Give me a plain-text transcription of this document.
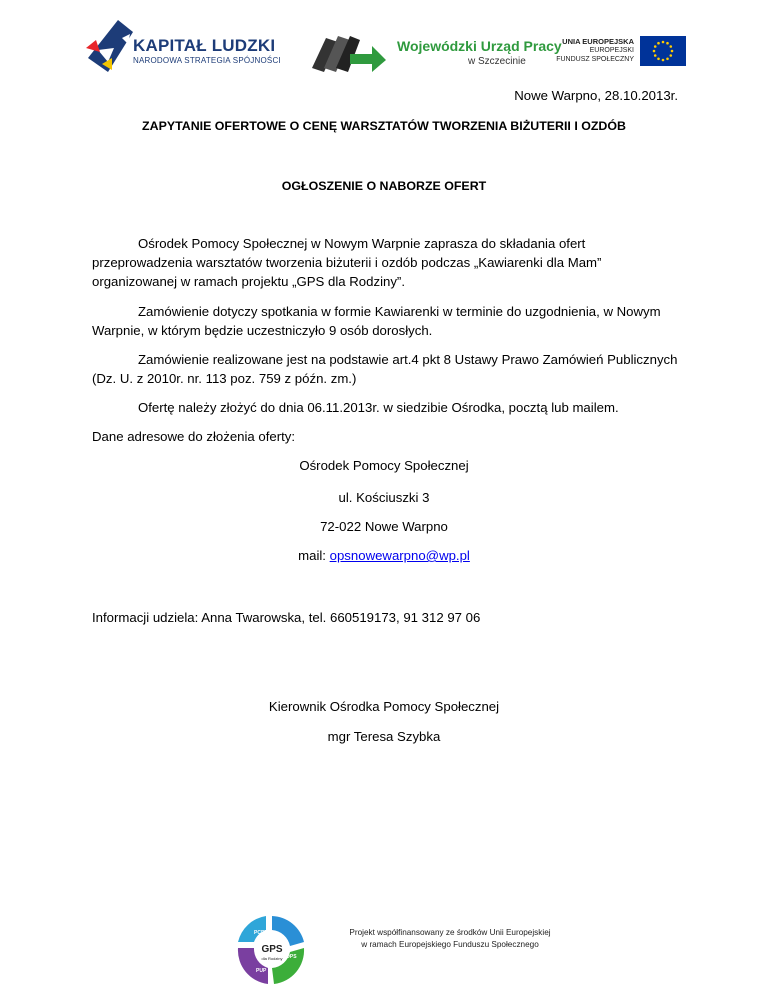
KAPITAŁ LUDZKI
NARODOWA STRATEGIA SPÓJNOŚCI
Wojewódzki Urząd Pracy
w Szczecinie
UNIA EUROPEJSKA
EUROPEJSKI
FUNDUSZ SPOŁECZNY
Nowe Warpno, 28.10.2013r.
ZAPYTANIE OFERTOWE O CENĘ WARSZTATÓW TWORZENIA BIŻUTERII I OZDÓB
OGŁOSZENIE O NABORZE OFERT
Ośrodek Pomocy Społecznej w Nowym Warpnie zaprasza do składania ofert przeprowadzenia warsztatów tworzenia biżuterii i ozdób podczas „Kawiarenki dla Mam” organizowanej w ramach projektu „GPS dla Rodziny”.
Zamówienie dotyczy spotkania w formie Kawiarenki w terminie do uzgodnienia, w Nowym Warpnie, w którym będzie uczestniczyło 9 osób dorosłych.
Zamówienie realizowane jest na podstawie art.4 pkt 8 Ustawy Prawo Zamówień Publicznych (Dz. U. z 2010r. nr. 113 poz. 759 z późn. zm.)
Ofertę należy złożyć do dnia 06.11.2013r. w siedzibie Ośrodka, pocztą lub mailem.
Dane adresowe do złożenia oferty:
Ośrodek Pomocy Społecznej
ul. Kościuszki 3
72-022 Nowe Warpno
mail: opsnowewarpno@wp.pl
Informacji udziela: Anna Twarowska, tel. 660519173, 91 312 97 06
Kierownik Ośrodka Pomocy Społecznej
mgr Teresa Szybka
GPS
dla Rodziny
PCPR
OPS
PUP
Projekt współfinansowany ze środków Unii Europejskiej
w ramach Europejskiego Funduszu Społecznego
